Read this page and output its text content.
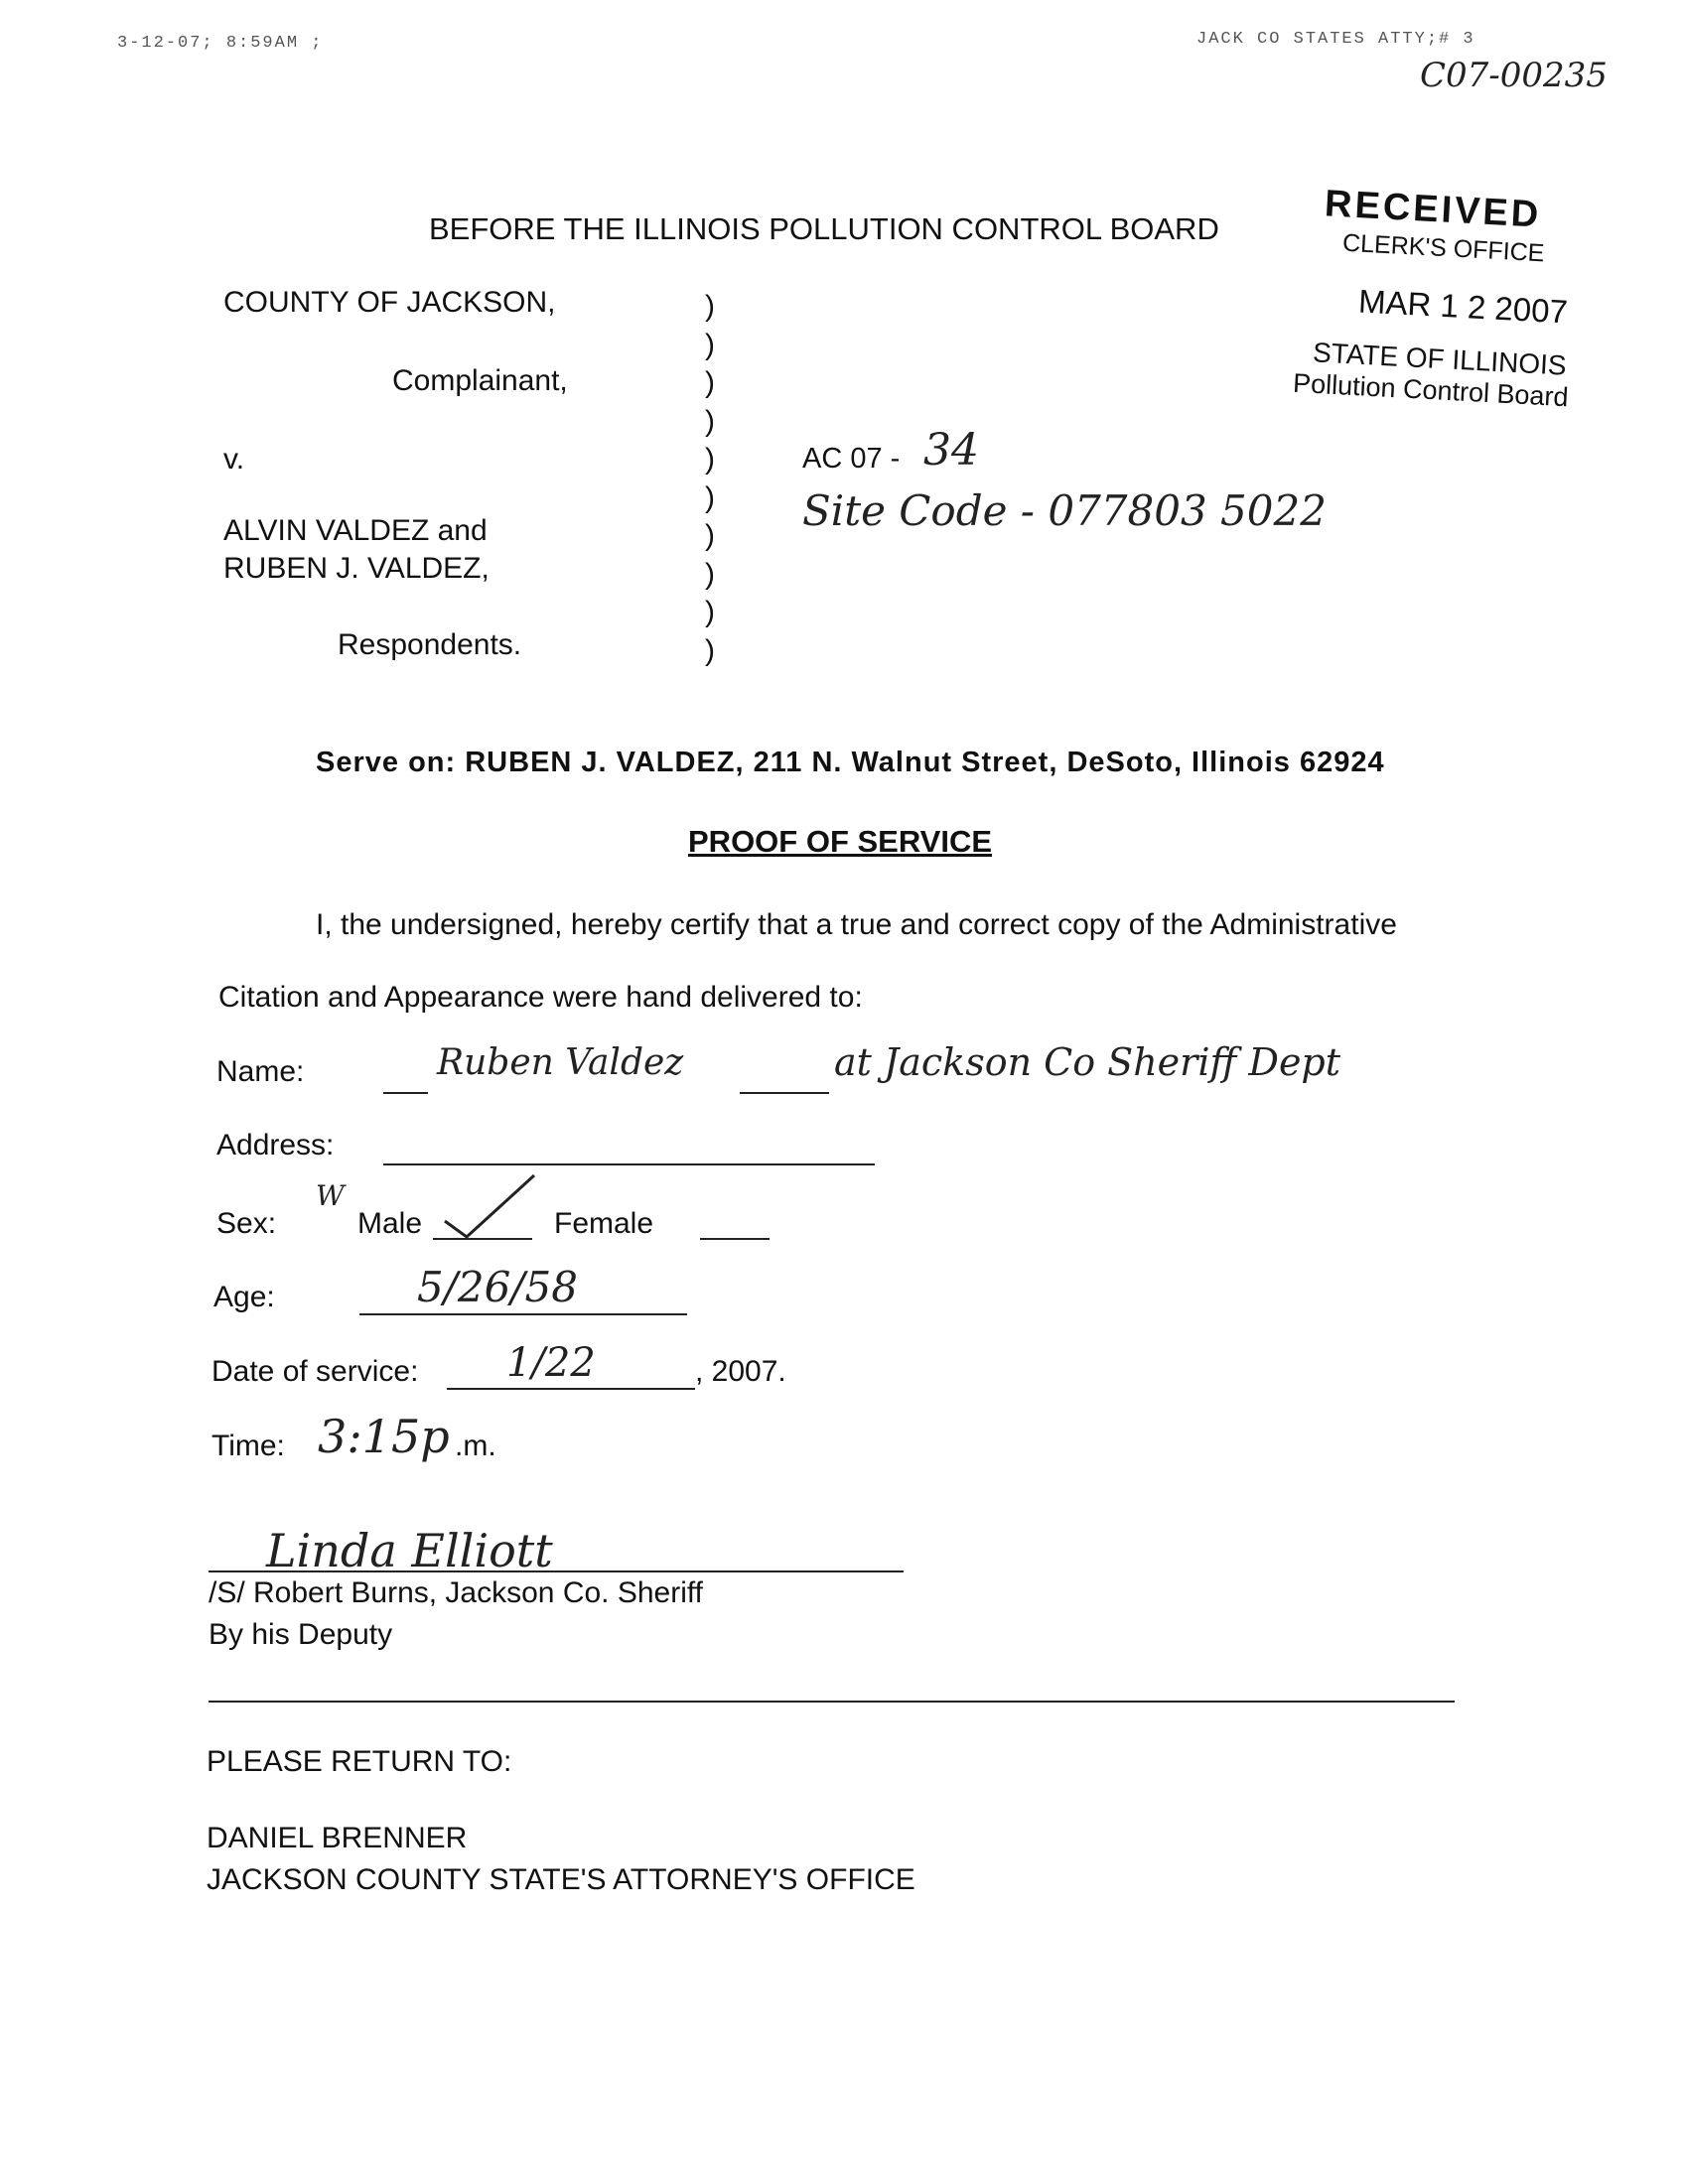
3-12-07; 8:59AM ;	JACK CO STATES ATTY;# 3
C07-00235
BEFORE THE ILLINOIS POLLUTION CONTROL BOARD	RECEIVED
CLERK'S OFFICE
MAR 1 2 2007
STATE OF ILLINOIS
Pollution Control Board
COUNTY OF JACKSON,
Complainant,
v.
ALVIN VALDEZ and
RUBEN J. VALDEZ,
Respondents.
)
)
)
)
)
)
)
)
)
)
AC 07 - 34
Site Code - 077803 5022
Serve on: RUBEN J. VALDEZ, 211 N. Walnut Street, DeSoto, Illinois 62924
PROOF OF SERVICE
I, the undersigned, hereby certify that a true and correct copy of the Administrative
Citation and Appearance were hand delivered to:
Name:	Ruben Valdez	at Jackson Co Sheriff Dept
Address:
Sex:
W
Male	Female
Age:	5/26/58
Date of service: 1/22	, 2007.
Time: 3:15p .m.
Linda Elliott
/S/ Robert Burns, Jackson Co. Sheriff
By his Deputy
PLEASE RETURN TO:
DANIEL BRENNER
JACKSON COUNTY STATE'S ATTORNEY'S OFFICE
